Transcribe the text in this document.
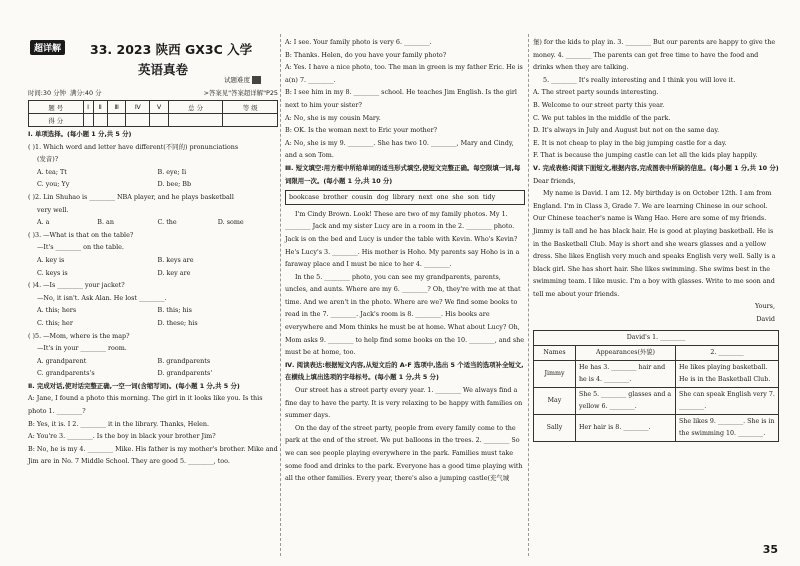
超详解	33. 2023 陕西 GX3C 入学
英语真卷
试题难度
时间:30 分钟 满分:40 分	>答案见"答案超详解"P25
题 号	Ⅰ	Ⅱ	Ⅲ	Ⅳ	Ⅴ	总 分	等 级
得 分							
Ⅰ. 单项选择。(每小题 1 分,共 5 分)
( )1. Which word and letter have different(不同的) pronunciations
(发音)?
A. tea; Tt	B. eye; Ii
C. you; Yy	D. bee; Bb
( )2. Lin Shuhao is ________ NBA player, and he plays basketball
very well.
A. a	B. an	C. the	D. some
( )3. —What is that on the table?
—It's ________ on the table.
A. key is	B. keys are
C. keys is	D. key are
( )4. —Is ________ your jacket?
—No, it isn't. Ask Alan. He lost ________.
A. this; hers	B. this; his
C. this; her	D. these; his
( )5. —Mom, where is the map?
—It's in your ________ room.
A. grandparent	B. grandparents
C. grandparents's	D. grandparents'
Ⅱ. 完成对话,使对话完整正确,一空一词(含缩写词)。(每小题 1 分,共 5 分)
A: Jane, I found a photo this morning. The girl in it looks like you. Is this photo 1. ________?
B: Yes, it is. I 2. ________ it in the library. Thanks, Helen.
A: You're 3. ________. Is the boy in black your brother Jim?
B: No, he is my 4. ________ Mike. His father is my mother's brother. Mike and Jim are in No. 7 Middle School. They are good 5. ________, too.
A: I see. Your family photo is very 6. ________.
B: Thanks. Helen, do you have your family photo?
A: Yes. I have a nice photo, too. The man in green is my father Eric. He is a(n) 7. ________.
B: I see him in my 8. ________ school. He teaches Jim English. Is the girl next to him your sister?
A: No, she is my cousin Mary.
B: OK. Is the woman next to Eric your mother?
A: No, she is my 9. ________. She has two 10. ________, Mary and Cindy, and a son Tom.
Ⅲ. 短文填空:用方框中所给单词的适当形式填空,使短文完整正确。每空限填一词,每词限用一次。(每小题 1 分,共 10 分)
bookcase brother cousin dog library next one she son tidy
I'm Cindy Brown. Look! These are two of my family photos. My 1. ________ Jack and my sister Lucy are in a room in the 2. ________ photo. Jack is on the bed and Lucy is under the table with Kevin. Who's Kevin? He's Lucy's 3. ________. His mother is Hoho. My parents say Hoho is in a faraway place and I must be nice to her 4. ________.
In the 5. ________ photo, you can see my grandparents, parents, uncles, and aunts. Where are my 6. ________? Oh, they're with me at that time. And we aren't in the photo. Where are we? We find some books to read in the 7. ________. Jack's room is 8. ________. His books are everywhere and Mom thinks he must be at home. What about Lucy? Oh, Mom asks 9. ________ to help find some books on the 10. ________, and she must be at home, too.
Ⅳ. 阅读表达:根据短文内容,从短文后的 A-F 选项中,选出 5 个适当的选项补全短文,在横线上填出选项的字母标号。(每小题 1 分,共 5 分)
Our street has a street party every year. 1. ________ We always find a fine day to have the party. It is very relaxing to be happy with families on summer days.
On the day of the street party, people from every family come to the park at the end of the street. We put balloons in the trees. 2. ________ So we can see people playing everywhere in the park. Families must take some food and drinks to the park. Everyone has a good time playing with all the other families. Every year, there's also a jumping castle(充气城
堡) for the kids to play in. 3. ________ But our parents are happy to give the money. 4. ________ The parents can get free time to have the food and drinks when they are talking.
5. ________ It's really interesting and I think you will love it.
A. The street party sounds interesting.
B. Welcome to our street party this year.
C. We put tables in the middle of the park.
D. It's always in July and August but not on the same day.
E. It is not cheap to play in the big jumping castle for a day.
F. That is because the jumping castle can let all the kids play happily.
Ⅴ. 完成表格:阅读下面短文,根据内容,完成图表中所缺的信息。(每小题 1 分,共 10 分)
Dear friends,
My name is David. I am 12. My birthday is on October 12th. I am from England. I'm in Class 3, Grade 7. We are learning Chinese in our school. Our Chinese teacher's name is Wang Hao. Here are some of my friends. Jimmy is tall and he has black hair. He is good at playing basketball. He is in the Basketball Club. May is short and she wears glasses and a yellow dress. She likes English very much and speaks English very well. Sally is a black girl. She has short hair. She likes swimming. She swims best in the swimming team. I like music. I'm a boy with glasses. Write to me soon and tell me about your friends.
Yours,
David
David's 1. ________		
Names	Appearances(外貌)	2. ________
Jimmy	He has 3. ________ hair and he is 4. ________.	He likes playing basketball. He is in the Basketball Club.
May	She 5. ________ glasses and a yellow 6. ________.	She can speak English very 7. ________.
Sally	Her hair is 8. ________.	She likes 9. ________. She is in the swimming 10. ________.
35
